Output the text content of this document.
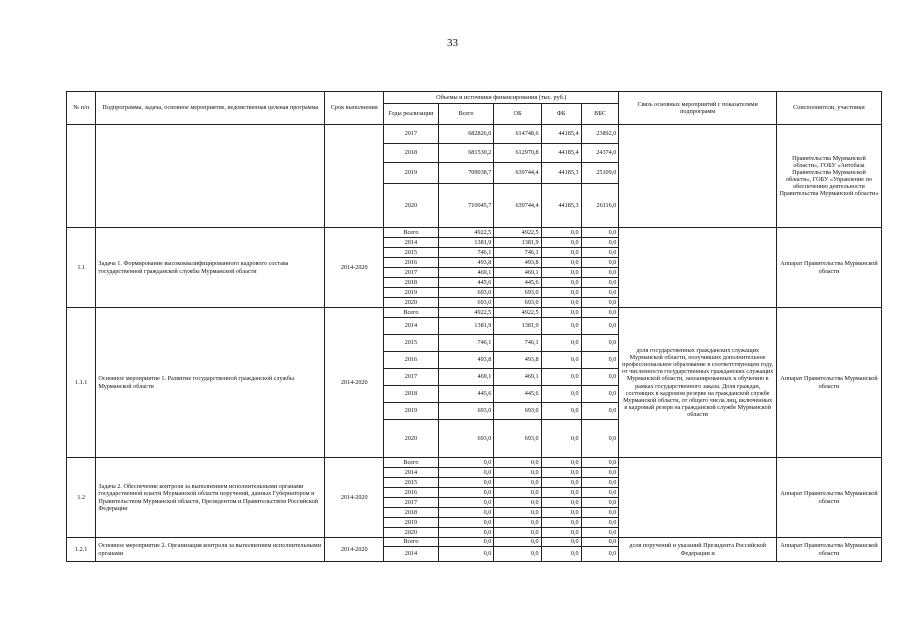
33
№ п/п	Подпрограмма, задача, основное мероприятие, ведомственная целевая программа	Срок выполнения	Объемы и источники финансирования (тыс. руб.)					Связь основных мероприятий с показателями подпрограмм	Соисполнители, участники
			Годы реализации	Всего	ОБ	ФБ	ВБС		
			2017	682826,0	614748,6	44185,4	23892,0		Правительства Мурманской области», ГОБУ «Автобаза Правительства Мурманской области», ГОБУ «Управление по обеспечению деятельности Правительства Мурманской области»
			2018	681530,2	612970,8	44185,4	24374,0		
			2019	709038,7	639744,4	44185,3	25109,0		
			2020	710045,7	639744,4	44185,3	26116,0		
1.1	Задача 1. Формирование высококвалифицированного кадрового состава государственной гражданской службы Мурманской области	2014-2020	Всего	4922,5	4922,5	0,0	0,0		Аппарат Правительства Мурманской области
			2014	1381,9	1381,9	0,0	0,0		
			2015	746,1	746,1	0,0	0,0		
			2016	493,8	493,8	0,0	0,0		
			2017	469,1	469,1	0,0	0,0		
			2018	445,6	445,6	0,0	0,0		
			2019	693,0	693,0	0,0	0,0		
			2020	693,0	693,0	0,0	0,0		
1.1.1	Основное мероприятие 1. Развитие государственной гражданской службы Мурманской области	2014-2020	Всего	4922,5	4922,5	0,0	0,0	доля государственных гражданских служащих Мурманской области, получивших дополнительное профессиональное образование в соответствующем году, от численности государственных гражданских служащих Мурманской области, запланированных к обучению в рамках государственного заказа. Доля граждан, состоящих в кадровом резерве на гражданской службе Мурманской области, от общего числа лиц, включенных в кадровый резерв на гражданской службе Мурманской области	Аппарат Правительства Мурманской области
			2014	1381,9	1381,9	0,0	0,0		
			2015	746,1	746,1	0,0	0,0		
			2016	493,8	493,8	0,0	0,0		
			2017	469,1	469,1	0,0	0,0		
			2018	445,6	445,6	0,0	0,0		
			2019	693,0	693,0	0,0	0,0		
			2020	693,0	693,0	0,0	0,0		
1.2	Задача 2. Обеспечение контроля за выполнением исполнительными органами государственной власти Мурманской области поручений, данных Губернатором и Правительством Мурманской области, Президентом и Правительством Российской Федерации	2014-2020	Всего	0,0	0,0	0,0	0,0		Аппарат Правительства Мурманской области
			2014	0,0	0,0	0,0	0,0		
			2015	0,0	0,0	0,0	0,0		
			2016	0,0	0,0	0,0	0,0		
			2017	0,0	0,0	0,0	0,0		
			2018	0,0	0,0	0,0	0,0		
			2019	0,0	0,0	0,0	0,0		
			2020	0,0	0,0	0,0	0,0		
1.2.1	Основное мероприятие 2. Организация контроля за выполнением исполнительными органами	2014-2020	Всего	0,0	0,0	0,0	0,0	доля поручений и указаний Президента Российской Федерации и	Аппарат Правительства Мурманской области
			2014	0,0	0,0	0,0	0,0		
